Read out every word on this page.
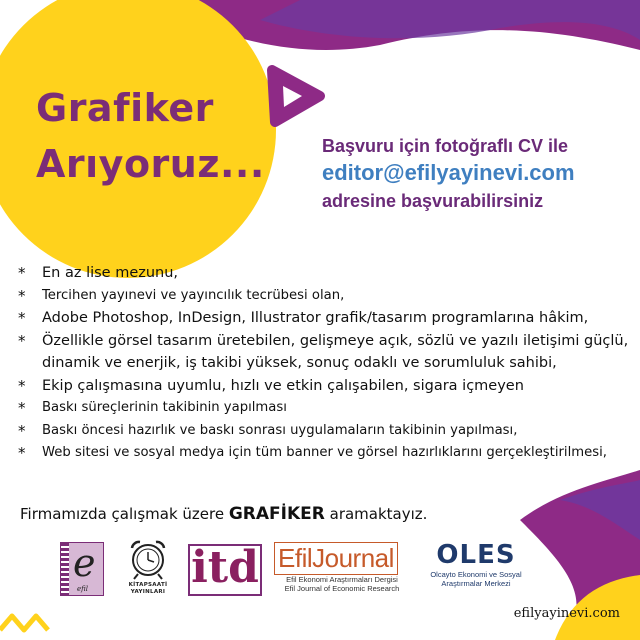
Grafiker
Arıyoruz...	Başvuru için fotoğraflı CV ile
editor@efilyayinevi.com
adresine başvurabilirsiniz
* En az lise mezunu,
* Tercihen yayınevi ve yayıncılık tecrübesi olan,
* Adobe Photoshop, InDesign, Illustrator grafik/tasarım programlarına hâkim,
* Özellikle görsel tasarım üretebilen, gelişmeye açık, sözlü ve yazılı iletişimi güçlü,
dinamik ve enerjik, iş takibi yüksek, sonuç odaklı ve sorumluluk sahibi,
* Ekip çalışmasına uyumlu, hızlı ve etkin çalışabilen, sigara içmeyen
* Baskı süreçlerinin takibinin yapılması
* Baskı öncesi hazırlık ve baskı sonrası uygulamaların takibinin yapılması,
* Web sitesi ve sosyal medya için tüm banner ve görsel hazırlıklarını gerçekleştirilmesi,
Firmamızda çalışmak üzere GRAFİKER aramaktayız.
e
efil	KİTAPSAATİ
YAYINLARI itd EfilJournal
Efil Ekonomi Araştırmaları Dergisi
Efil Journal of Economic Research
OLES
Olcayto Ekonomi ve Sosyal
Araştırmalar Merkezi
efilyayinevi.com
